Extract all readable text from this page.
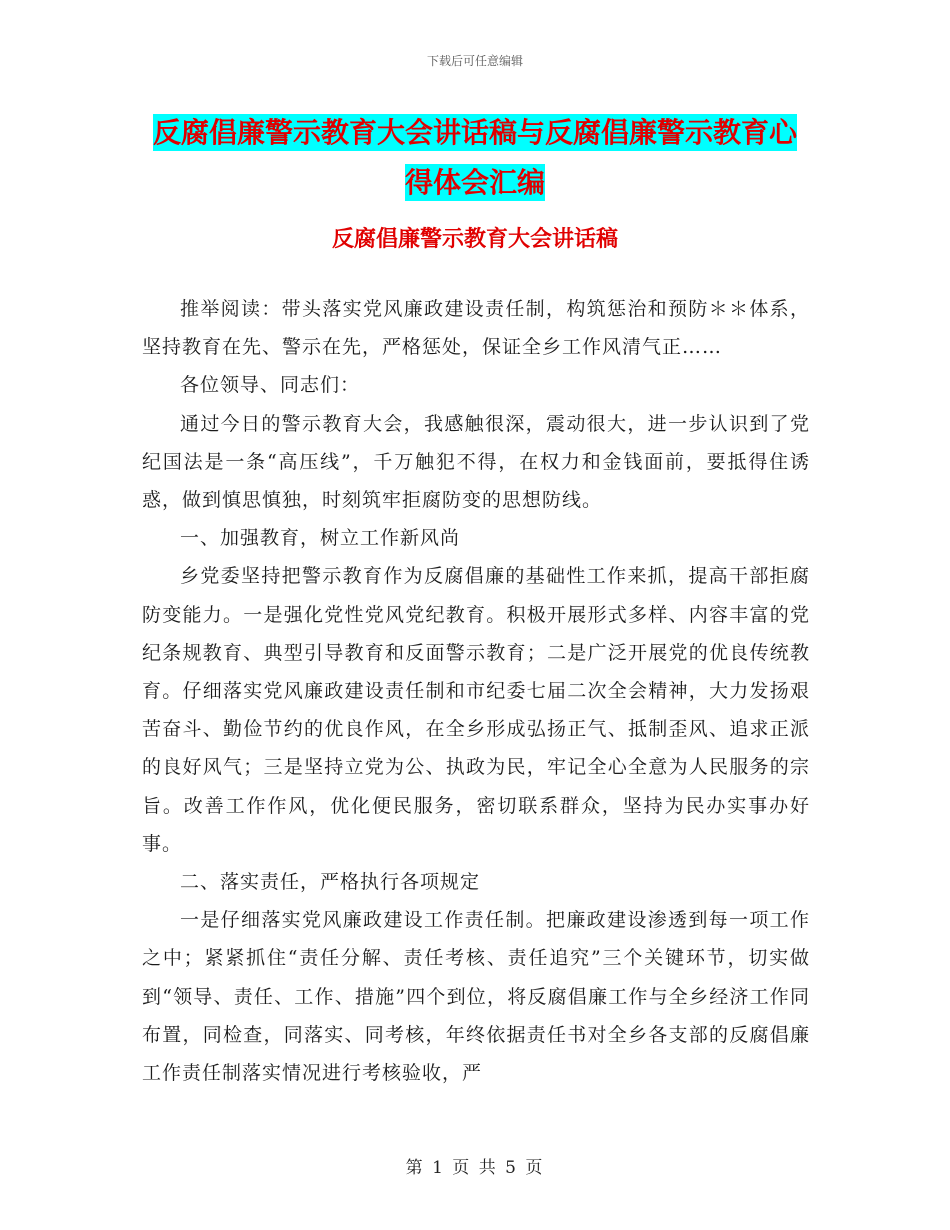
下载后可任意编辑
反腐倡廉警示教育大会讲话稿与反腐倡廉警示教育心
得体会汇编
反腐倡廉警示教育大会讲话稿

推举阅读：带头落实党风廉政建设责任制，构筑惩治和预防＊＊体系，坚持教育在先、警示在先，严格惩处，保证全乡工作风清气正……

各位领导、同志们：

通过今日的警示教育大会，我感触很深，震动很大，进一步认识到了党纪国法是一条“高压线”，千万触犯不得，在权力和金钱面前，要抵得住诱惑，做到慎思慎独，时刻筑牢拒腐防变的思想防线。

一、加强教育，树立工作新风尚

乡党委坚持把警示教育作为反腐倡廉的基础性工作来抓，提高干部拒腐防变能力。一是强化党性党风党纪教育。积极开展形式多样、内容丰富的党纪条规教育、典型引导教育和反面警示教育；二是广泛开展党的优良传统教育。仔细落实党风廉政建设责任制和市纪委七届二次全会精神，大力发扬艰苦奋斗、勤俭节约的优良作风，在全乡形成弘扬正气、抵制歪风、追求正派的良好风气；三是坚持立党为公、执政为民，牢记全心全意为人民服务的宗旨。改善工作作风，优化便民服务，密切联系群众，坚持为民办实事办好事。

二、落实责任，严格执行各项规定

一是仔细落实党风廉政建设工作责任制。把廉政建设渗透到每一项工作之中；紧紧抓住“责任分解、责任考核、责任追究”三个关键环节，切实做到“领导、责任、工作、措施”四个到位，将反腐倡廉工作与全乡经济工作同布置，同检查，同落实、同考核，年终依据责任书对全乡各支部的反腐倡廉工作责任制落实情况进行考核验收，严

第 1 页 共 5 页
